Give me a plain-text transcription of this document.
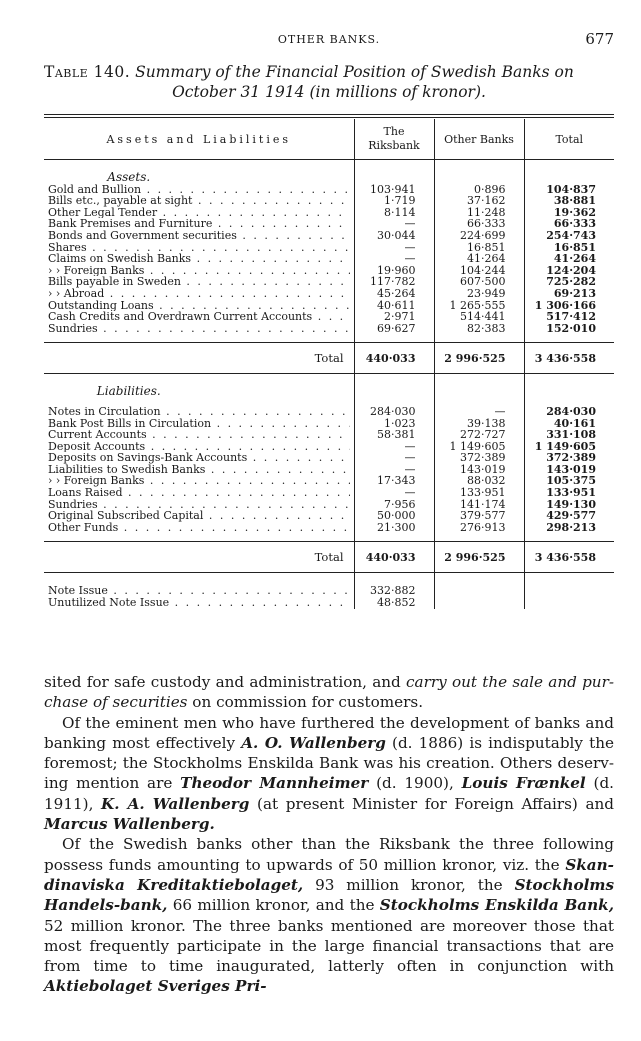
OTHER BANKS.	677
Table 140. Summary of the Financial Position of Swedish Banks on
October 31 1914 (in millions of kronor).
Assets and Liabilities	The
Riksbank	Other Banks	Total

Assets.			

Gold and Bullion . . .	103·941	0·896	104·837

Bills etc., payable at sight . . .	1·719	37·162	38·881

Other Legal Tender . . .	8·114	11·248	19·362

Bank Premises and Furniture . . .	—	66·333	66·333

Bonds and Government securities . . .	30·044	224·699	254·743

Shares . . .	—	16·851	16·851

Claims on Swedish Banks . . .	—	41·264	41·264

› › Foreign Banks . . .	19·960	104·244	124·204

Bills payable in Sweden . . .	117·782	607·500	725·282

› › Abroad . . .	45·264	23·949	69·213

Outstanding Loans . . .	40·611	1 265·555	1 306·166

Cash Credits and Overdrawn Current Accounts . . .	2·971	514·441	517·412

Sundries . . .	69·627	82·383	152·010

Total	440·033	2 996·525	3 436·558

Liabilities.			

Notes in Circulation . . .	284·030	—	284·030

Bank Post Bills in Circulation . . .	1·023	39·138	40·161

Current Accounts . . .	58·381	272·727	331·108

Deposit Accounts . . .	—	1 149·605	1 149·605

Deposits on Savings-Bank Accounts . . .	—	372·389	372·389

Liabilities to Swedish Banks . . .	—	143·019	143·019

› › Foreign Banks . . .	17·343	88·032	105·375

Loans Raised . . .	—	133·951	133·951

Sundries . . .	7·956	141·174	149·130

Original Subscribed Capital . . .	50·000	379·577	429·577

Other Funds . . .	21·300	276·913	298·213

Total	440·033	2 996·525	3 436·558

Note Issue . . .	332·882		

Unutilized Note Issue . . .	48·852		

sited for safe custody and administration, and carry out the sale and pur-chase of securities on commission for customers.

Of the eminent men who have furthered the development of banks and banking most effectively A. O. Wallenberg (d. 1886) is indisputably the foremost; the Stockholms Enskilda Bank was his creation. Others deserv-ing mention are Theodor Mannheimer (d. 1900), Louis Frænkel (d. 1911), K. A. Wallenberg (at present Minister for Foreign Affairs) and Marcus Wallenberg.

Of the Swedish banks other than the Riksbank the three following possess funds amounting to upwards of 50 million kronor, viz. the Skan-dinaviska Kreditaktiebolaget, 93 million kronor, the Stockholms Handels-bank, 66 million kronor, and the Stockholms Enskilda Bank, 52 million kronor. The three banks mentioned are moreover those that most frequently participate in the large financial transactions that are from time to time inaugurated, latterly often in conjunction with Aktiebolaget Sveriges Pri-
